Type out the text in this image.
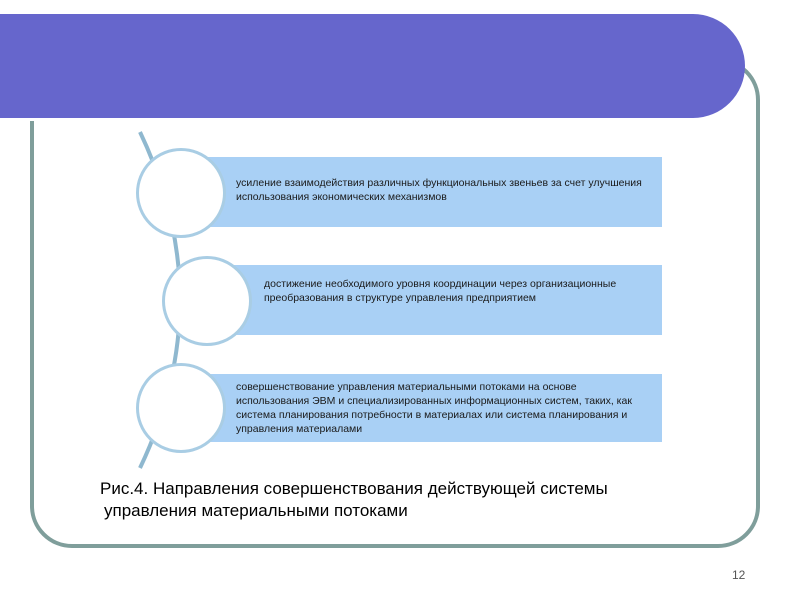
усиление взаимодействия различных функциональных звеньев за счет улучшения использования экономических механизмов
достижение необходимого уровня координации через организационные преобразования в структуре управления предприятием
совершенствование управления материальными потоками на основе использования ЭВМ и специализированных информационных систем, таких, как система планирования потребности в материалах или система планирования и управления материалами
Рис.4. Направления совершенствования действующей системы
управления материальными потоками
12
